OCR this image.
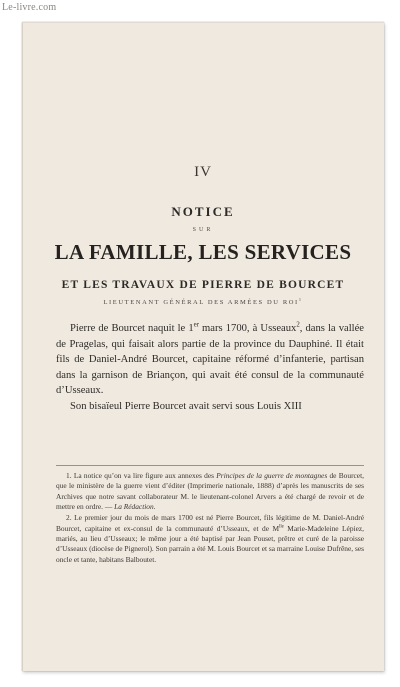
Le-livre.com
IV
NOTICE
SUR
LA FAMILLE, LES SERVICES
ET LES TRAVAUX DE PIERRE DE BOURCET
LIEUTENANT GÉNÉRAL DES ARMÉES DU ROI$^1$

Pierre de Bourcet naquit le 1er mars 1700, à Usseaux$^2$, dans la vallée de Pragelas, qui faisait alors partie de la province du Dauphiné. Il était fils de Daniel-André Bourcet, capitaine réformé d’infanterie, partisan dans la garnison de Briançon, qui avait été consul de la communauté d’Usseaux.

Son bisaïeul Pierre Bourcet avait servi sous Louis XIII

1. La notice qu’on va lire figure aux annexes des Principes de la guerre de montagnes de Bourcet, que le ministère de la guerre vient d’éditer (Imprimerie nationale, 1888) d’après les manuscrits de ses Archives que notre savant collaborateur M. le lieutenant-colonel Arvers a été chargé de revoir et de mettre en ordre. — La Rédaction.

2. Le premier jour du mois de mars 1700 est né Pierre Bourcet, fils légitime de M. Daniel-André Bourcet, capitaine et ex-consul de la communauté d’Usseaux, et de $M^{lle}$ Marie-Madeleine Lépiez, mariés, au lieu d’Usseaux; le même jour a été baptisé par Jean Pouset, prêtre et curé de la paroisse d’Usseaux (diocèse de Pignerol). Son parrain a été M. Louis Bourcet et sa marraine Louise Dufrêne, ses oncle et tante, habitans Balboutet.
